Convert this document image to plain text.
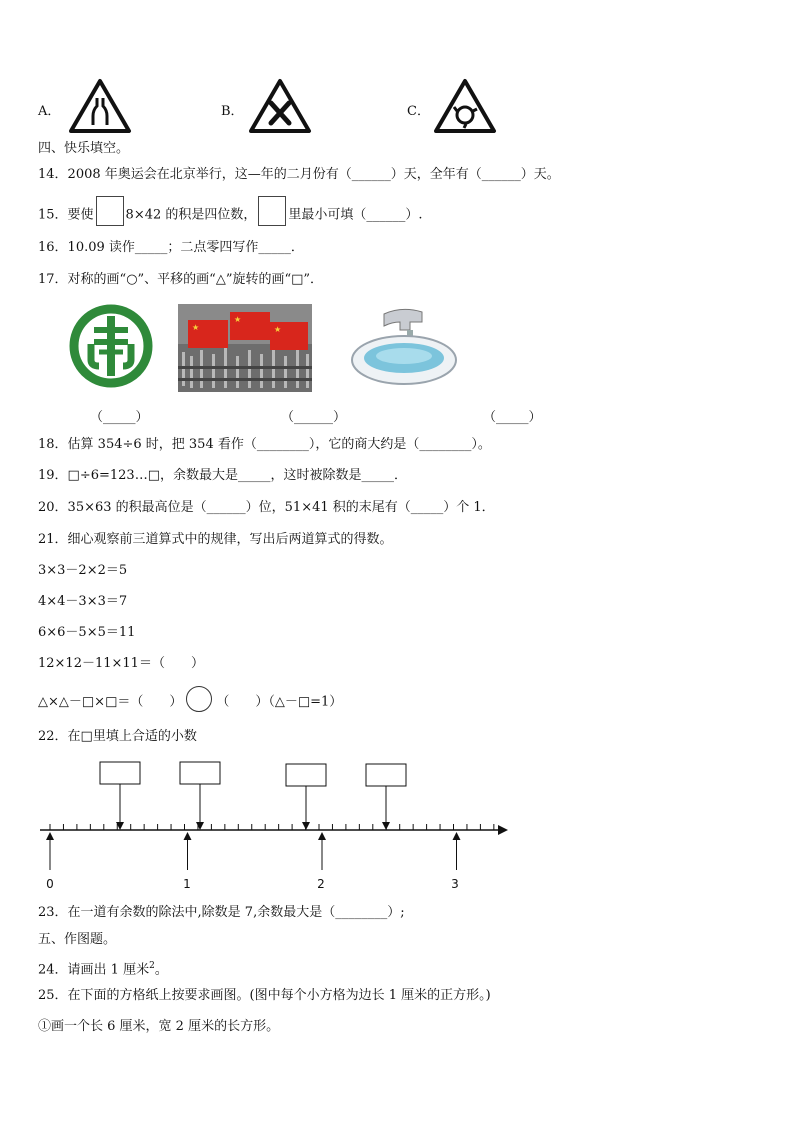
A．	B．	C．
四、快乐填空。
14．2008 年奥运会在北京举行，这—年的二月份有（______）天，全年有（______）天。
15．要使 8×42 的积是四位数， 里最小可填（______）.
16．10.09 读作_____；二点零四写作_____．
17．对称的画“○”、平移的画“△”旋转的画“□”．
★
★
★
（_____）	（______）	（_____）
18．估算 354÷6 时，把 354 看作（________），它的商大约是（________）。
19．□÷6=123…□，余数最大是_____，这时被除数是_____．
20．35×63 的积最高位是（______）位，51×41 积的末尾有（_____）个 1．
21．细心观察前三道算式中的规律，写出后两道算式的得数。
3×3－2×2＝5
4×4－3×3＝7
6×6－5×5＝11
12×12－11×11＝（　　）
△×△－□×□＝（　　）	（　　）（△－□=1）
22．在□里填上合适的小数
0	1	2	3
23．在一道有余数的除法中,除数是 7,余数最大是（________）;
五、作图题。
24．请画出 1 厘米$^2$。
25．在下面的方格纸上按要求画图。(图中每个小方格为边长 1 厘米的正方形。)
①画一个长 6 厘米，宽 2 厘米的长方形。
